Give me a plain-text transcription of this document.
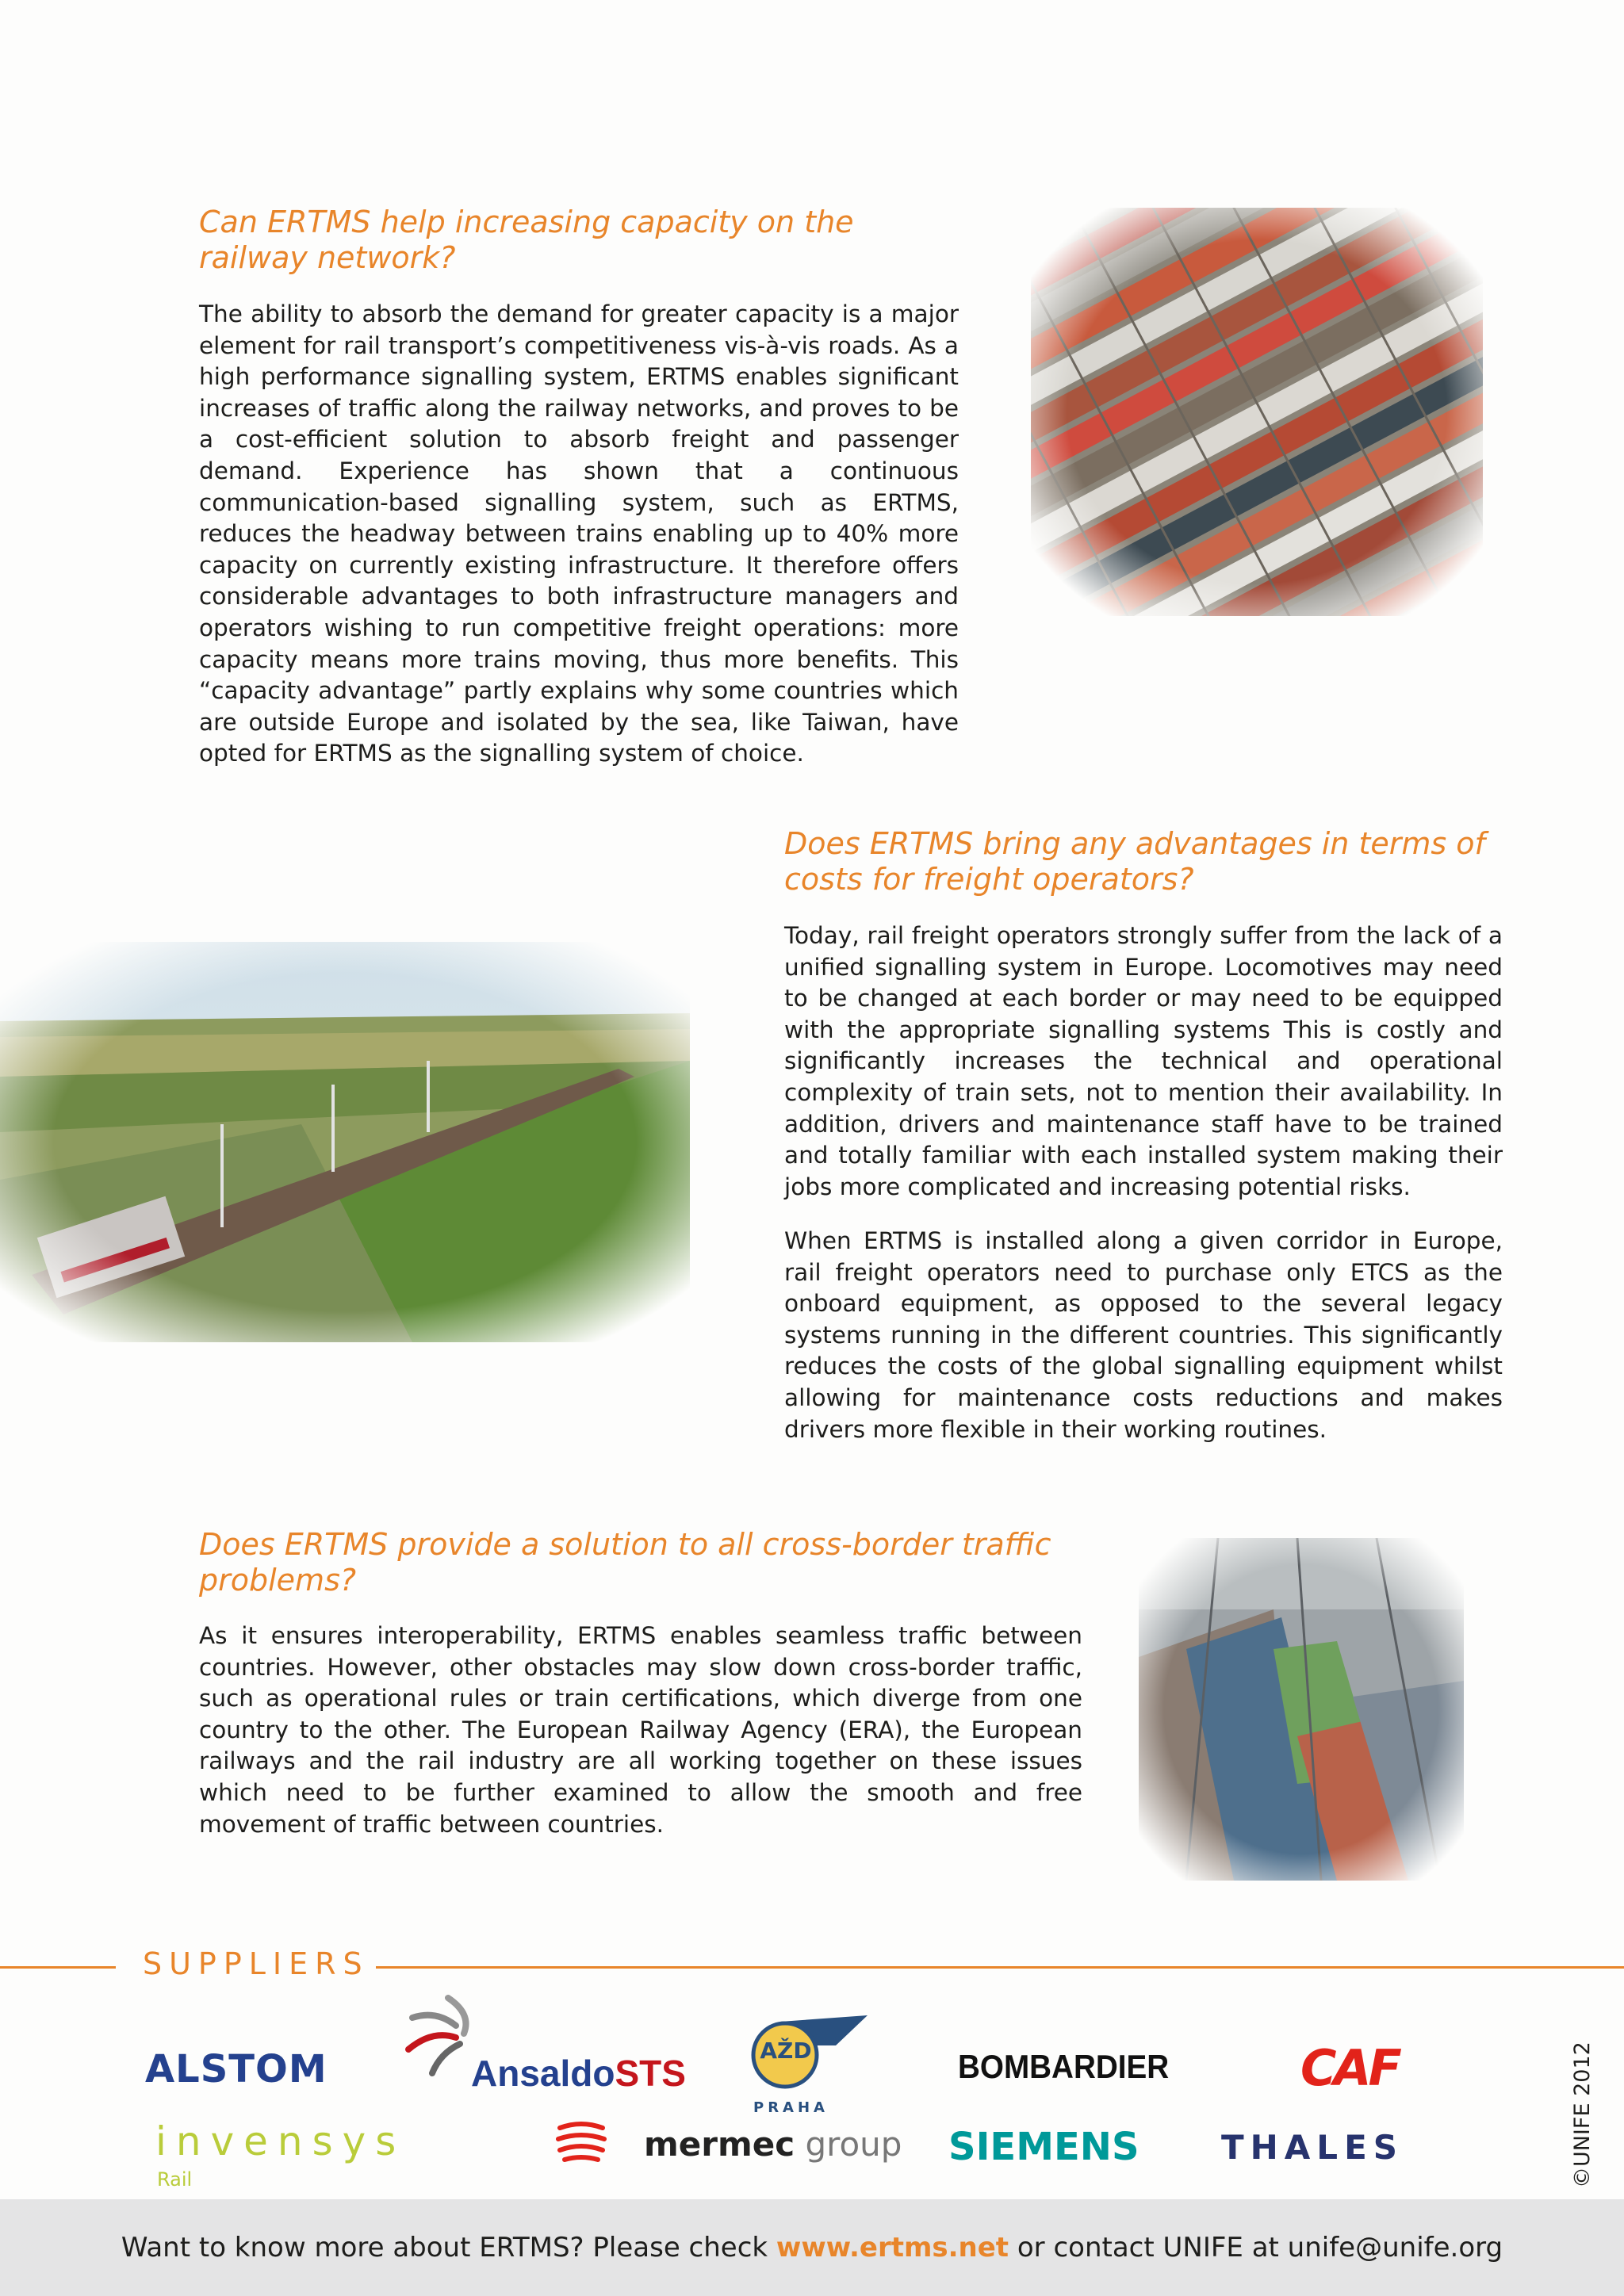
Can ERTMS help increasing capacity on the railway network?

The ability to absorb the demand for greater capacity is a major element for rail transport’s competitiveness vis-à-vis roads. As a high performance signalling system, ERTMS enables significant increases of traffic along the railway networks, and proves to be a cost-efficient solution to absorb freight and passenger demand. Experience has shown that a continuous communication-based signalling system, such as ERTMS, reduces the headway between trains enabling up to 40% more capacity on currently existing infrastructure. It therefore offers considerable advantages to both infrastructure managers and operators wishing to run competitive freight operations: more capacity means more trains moving, thus more benefits. This “capacity advantage” partly explains why some countries which are outside Europe and isolated by the sea, like Taiwan, have opted for ERTMS as the signalling system of choice.

Does ERTMS bring any advantages in terms of costs for freight operators?

Today, rail freight operators strongly suffer from the lack of a unified signalling system in Europe. Locomotives may need to be changed at each border or may need to be equipped with the appropriate signalling systems This is costly and significantly increases the technical and operational complexity of train sets, not to mention their availability. In addition, drivers and maintenance staff have to be trained and totally familiar with each installed system making their jobs more complicated and increasing potential risks.

When ERTMS is installed along a given corridor in Europe, rail freight operators need to purchase only ETCS as the onboard equipment, as opposed to the several legacy systems running in the different countries. This significantly reduces the costs of the global signalling equipment whilst allowing for maintenance costs reductions and makes drivers more flexible in their working routines.

Does ERTMS provide a solution to all cross-border traffic problems?

As it ensures interoperability, ERTMS enables seamless traffic between countries. However, other obstacles may slow down cross-border traffic, such as operational rules or train certifications, which diverge from one country to the other. The European Railway Agency (ERA), the European railways and the rail industry are all working together on these issues which need to be further examined to allow the smooth and free movement of traffic between countries.

SUPPLIERS
ALSTOM	AnsaldoSTS
AŽD
PRAHA
BOMBARDIER	CAF
invensys
Rail
mermec group SIEMENS THALES	©UNIFE 2012
Want to know more about ERTMS? Please check www.ertms.net or contact UNIFE at unife@unife.org
